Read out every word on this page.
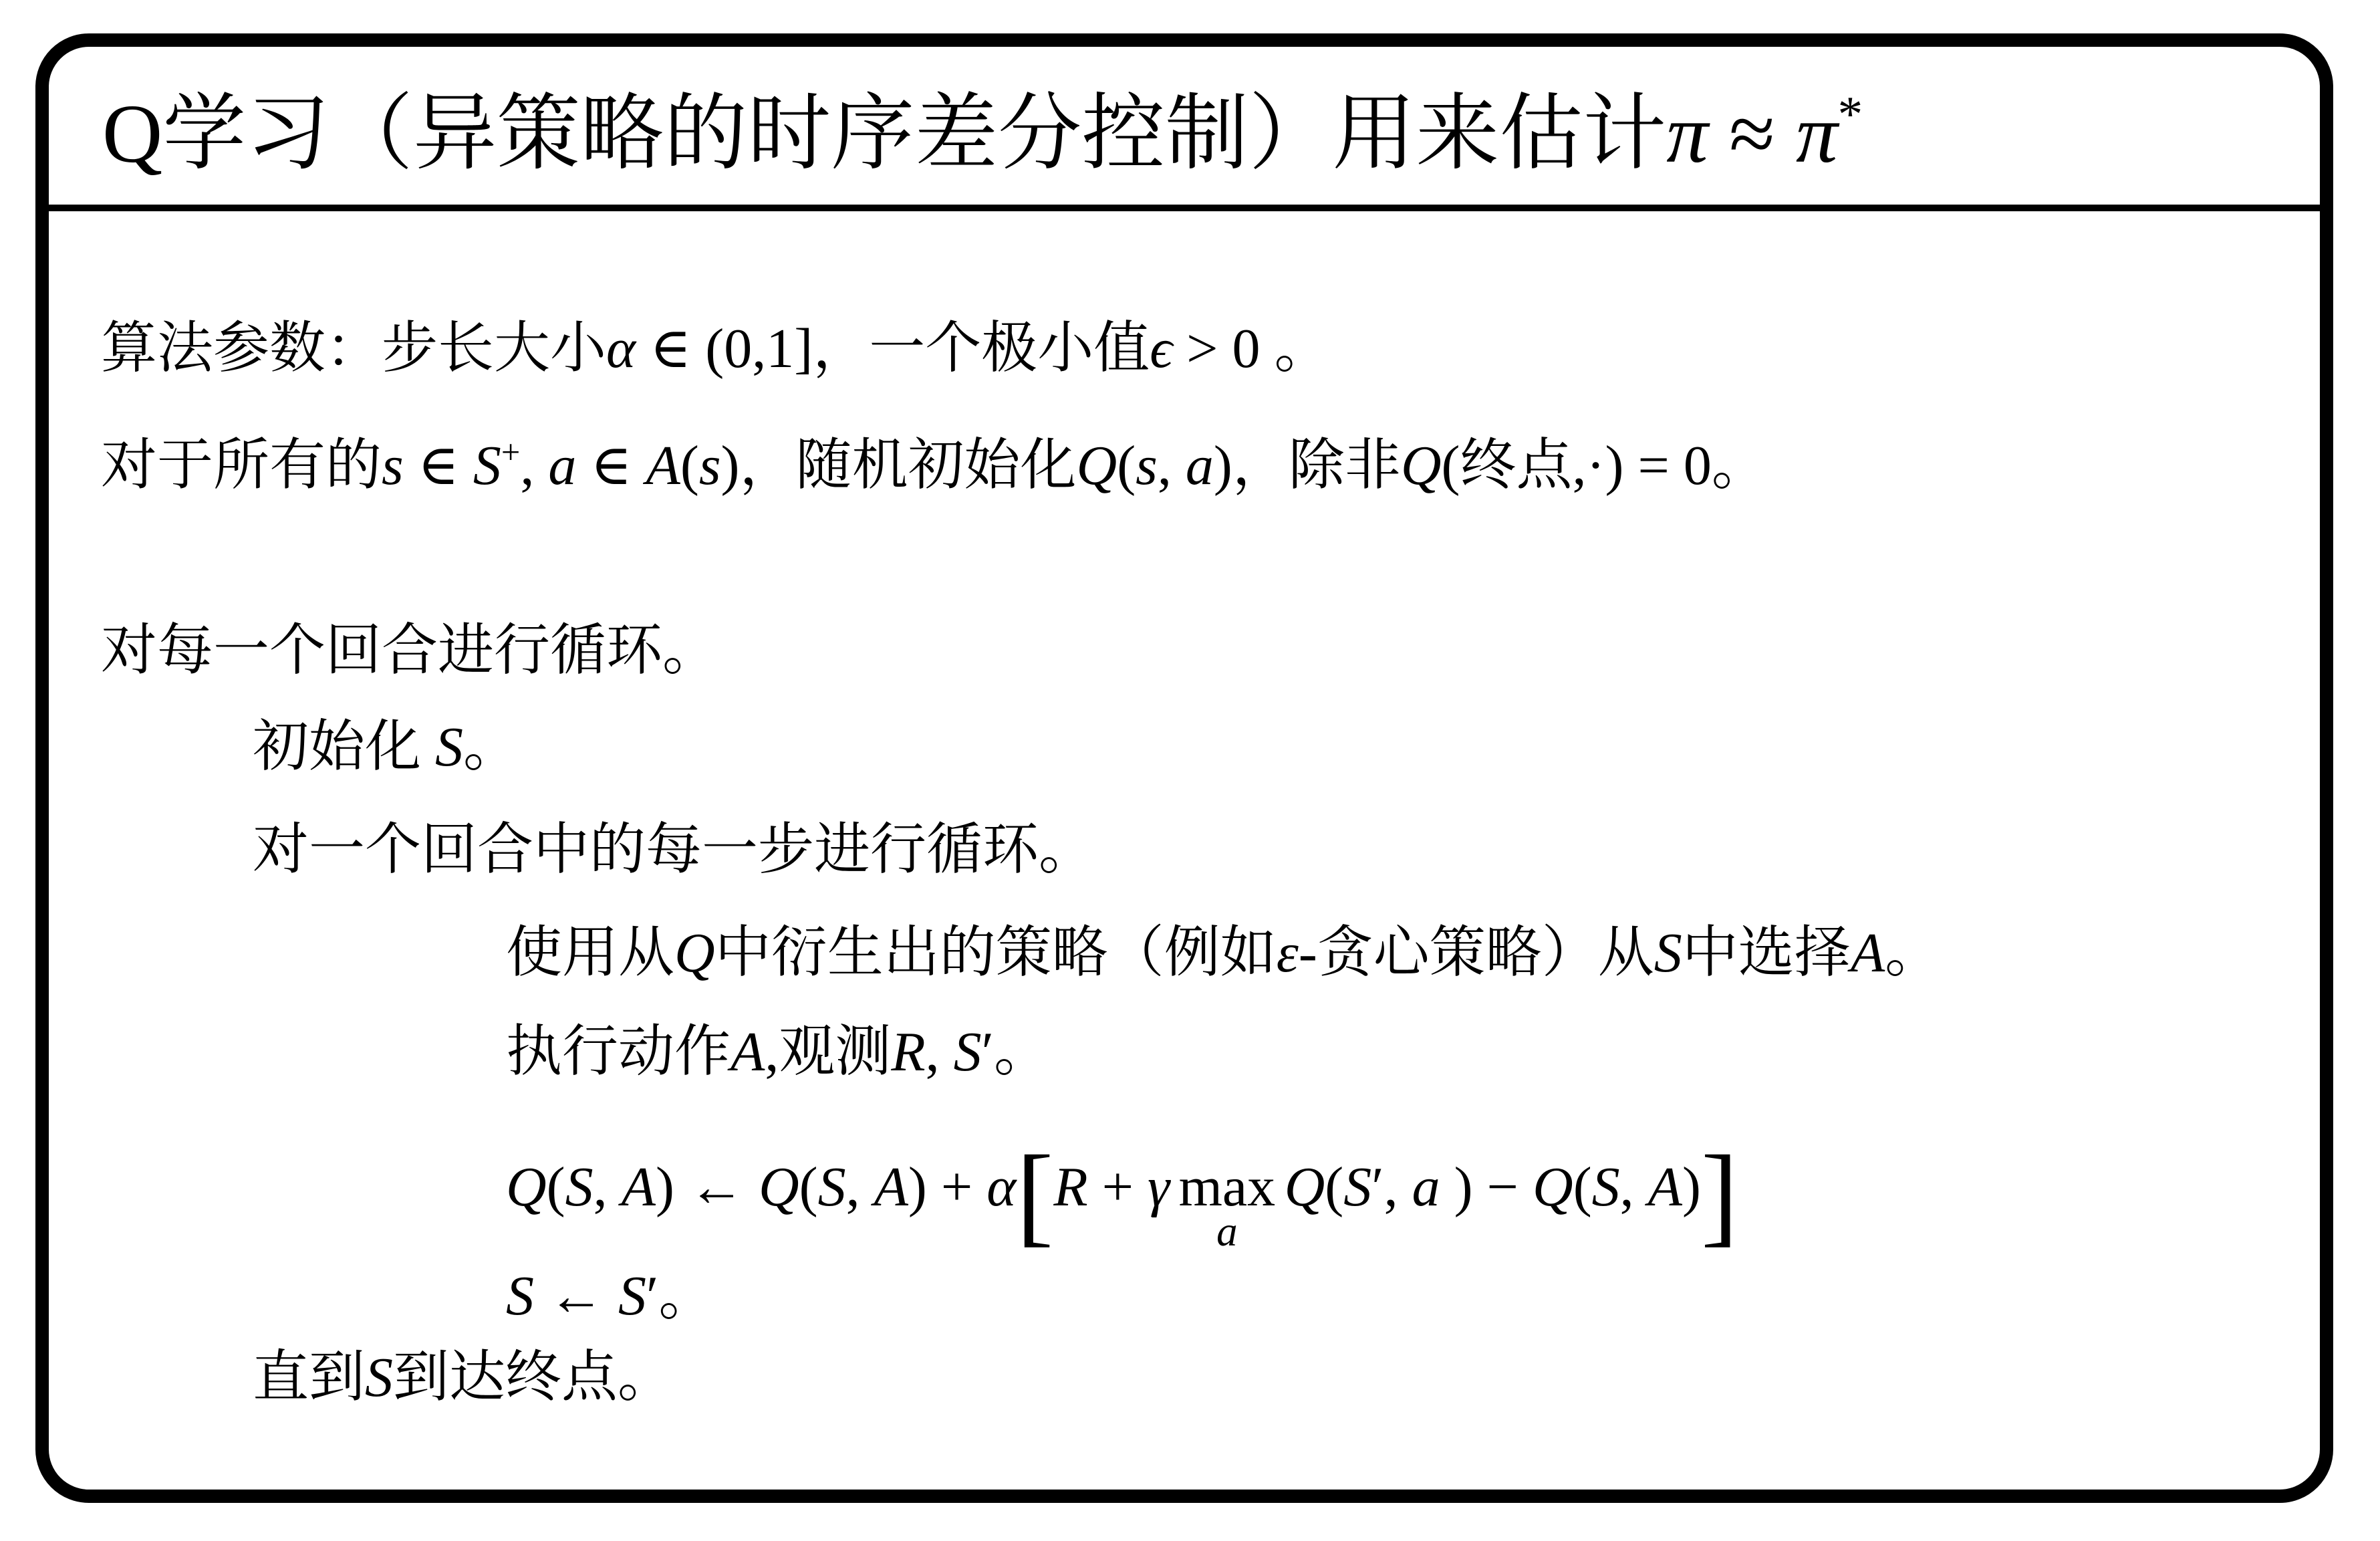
Q学习（异策略的时序差分控制）用来估计π ≈ π*
算法参数：步长大小α ∈ (0,1]，一个极小值ϵ > 0 。
对于所有的s ∈ S+, a ∈ A(s)，随机初始化Q(s, a)，除非Q(终点,·) = 0。
对每一个回合进行循环。
初始化 S。
对一个回合中的每一步进行循环。
使用从Q中衍生出的策略（例如ε-贪心策略）从S中选择A。
执行动作A,观测R, S′。
Q(S, A) ← Q(S, A) + α[R + γ max
a
Q(S′, a ) − Q(S, A)]
S ← S′。
直到S到达终点。
